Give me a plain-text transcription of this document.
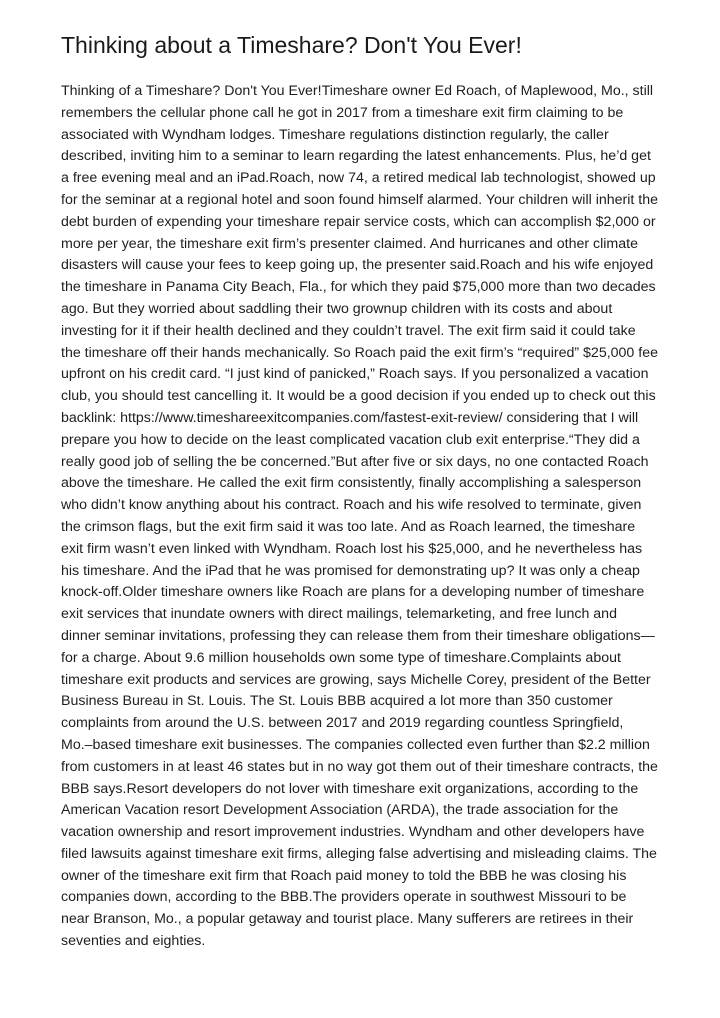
Thinking about a Timeshare? Don't You Ever!

Thinking of a Timeshare? Don't You Ever!Timeshare owner Ed Roach, of Maplewood, Mo., still remembers the cellular phone call he got in 2017 from a timeshare exit firm claiming to be associated with Wyndham lodges. Timeshare regulations distinction regularly, the caller described, inviting him to a seminar to learn regarding the latest enhancements. Plus, he’d get a free evening meal and an iPad.Roach, now 74, a retired medical lab technologist, showed up for the seminar at a regional hotel and soon found himself alarmed. Your children will inherit the debt burden of expending your timeshare repair service costs, which can accomplish $2,000 or more per year, the timeshare exit firm’s presenter claimed. And hurricanes and other climate disasters will cause your fees to keep going up, the presenter said.Roach and his wife enjoyed the timeshare in Panama City Beach, Fla., for which they paid $75,000 more than two decades ago. But they worried about saddling their two grownup children with its costs and about investing for it if their health declined and they couldn’t travel. The exit firm said it could take the timeshare off their hands mechanically. So Roach paid the exit firm’s “required” $25,000 fee upfront on his credit card. “I just kind of panicked,” Roach says. If you personalized a vacation club, you should test cancelling it. It would be a good decision if you ended up to check out this backlink: https://www.timeshareexitcompanies.com/fastest-exit-review/ considering that I will prepare you how to decide on the least complicated vacation club exit enterprise.“They did a really good job of selling the be concerned.”But after five or six days, no one contacted Roach above the timeshare. He called the exit firm consistently, finally accomplishing a salesperson who didn’t know anything about his contract. Roach and his wife resolved to terminate, given the crimson flags, but the exit firm said it was too late. And as Roach learned, the timeshare exit firm wasn’t even linked with Wyndham. Roach lost his $25,000, and he nevertheless has his timeshare. And the iPad that he was promised for demonstrating up? It was only a cheap knock-off.Older timeshare owners like Roach are plans for a developing number of timeshare exit services that inundate owners with direct mailings, telemarketing, and free lunch and dinner seminar invitations, professing they can release them from their timeshare obligations—for a charge. About 9.6 million households own some type of timeshare.Complaints about timeshare exit products and services are growing, says Michelle Corey, president of the Better Business Bureau in St. Louis. The St. Louis BBB acquired a lot more than 350 customer complaints from around the U.S. between 2017 and 2019 regarding countless Springfield, Mo.–based timeshare exit businesses. The companies collected even further than $2.2 million from customers in at least 46 states but in no way got them out of their timeshare contracts, the BBB says.Resort developers do not lover with timeshare exit organizations, according to the American Vacation resort Development Association (ARDA), the trade association for the vacation ownership and resort improvement industries. Wyndham and other developers have filed lawsuits against timeshare exit firms, alleging false advertising and misleading claims. The owner of the timeshare exit firm that Roach paid money to told the BBB he was closing his companies down, according to the BBB.The providers operate in southwest Missouri to be near Branson, Mo., a popular getaway and tourist place. Many sufferers are retirees in their seventies and eighties.
